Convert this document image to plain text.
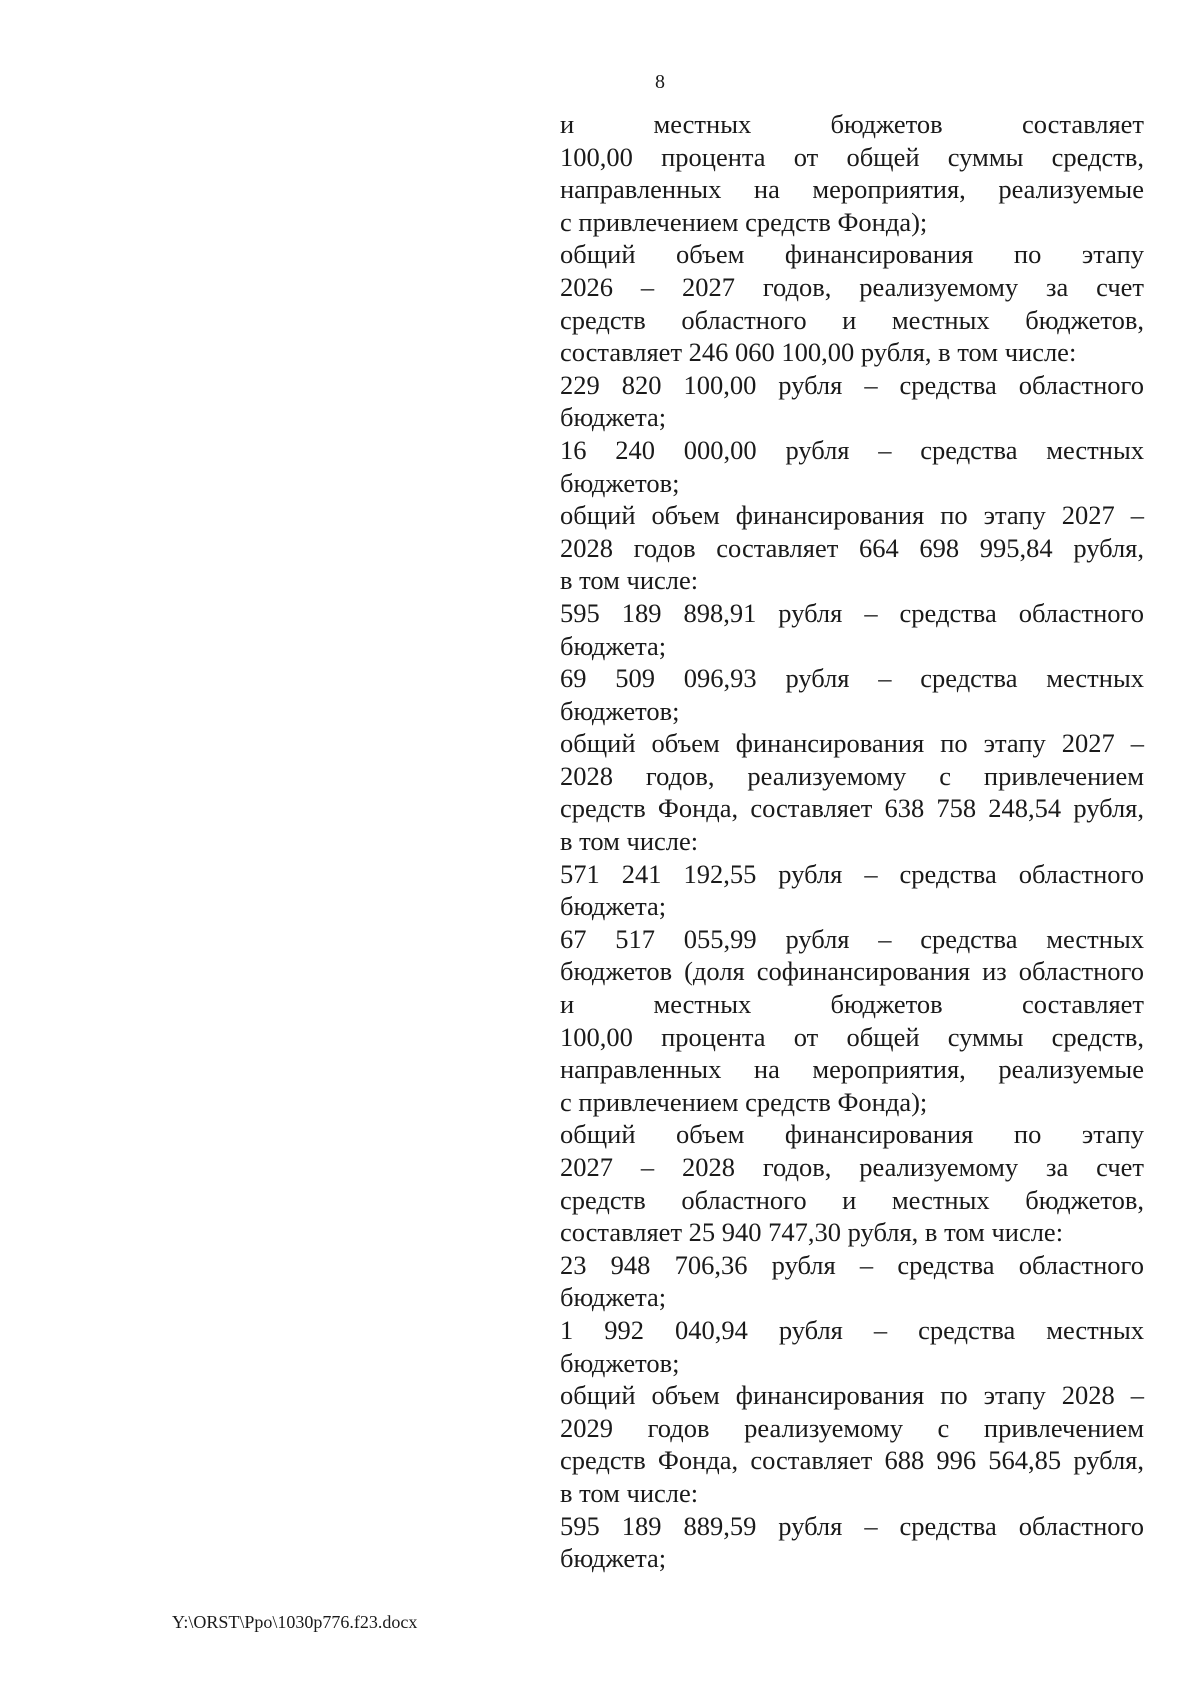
8
и местных бюджетов составляет
100,00 процента от общей суммы средств,
направленных на мероприятия, реализуемые
с привлечением средств Фонда);
общий объем финансирования по этапу
2026 – 2027 годов, реализуемому за счет
средств областного и местных бюджетов,
составляет 246 060 100,00 рубля, в том числе:
229 820 100,00 рубля – средства областного
бюджета;
16 240 000,00 рубля – средства местных
бюджетов;
общий объем финансирования по этапу 2027 –
2028 годов составляет 664 698 995,84 рубля,
в том числе:
595 189 898,91 рубля – средства областного
бюджета;
69 509 096,93 рубля – средства местных
бюджетов;
общий объем финансирования по этапу 2027 –
2028 годов, реализуемому с привлечением
средств Фонда, составляет 638 758 248,54 рубля,
в том числе:
571 241 192,55 рубля – средства областного
бюджета;
67 517 055,99 рубля – средства местных
бюджетов (доля софинансирования из областного
и местных бюджетов составляет
100,00 процента от общей суммы средств,
направленных на мероприятия, реализуемые
с привлечением средств Фонда);
общий объем финансирования по этапу
2027 – 2028 годов, реализуемому за счет
средств областного и местных бюджетов,
составляет 25 940 747,30 рубля, в том числе:
23 948 706,36 рубля – средства областного
бюджета;
1 992 040,94 рубля – средства местных
бюджетов;
общий объем финансирования по этапу 2028 –
2029 годов реализуемому с привлечением
средств Фонда, составляет 688 996 564,85 рубля,
в том числе:
595 189 889,59 рубля – средства областного
бюджета;
Y:\ORST\Ppo\1030p776.f23.docx
